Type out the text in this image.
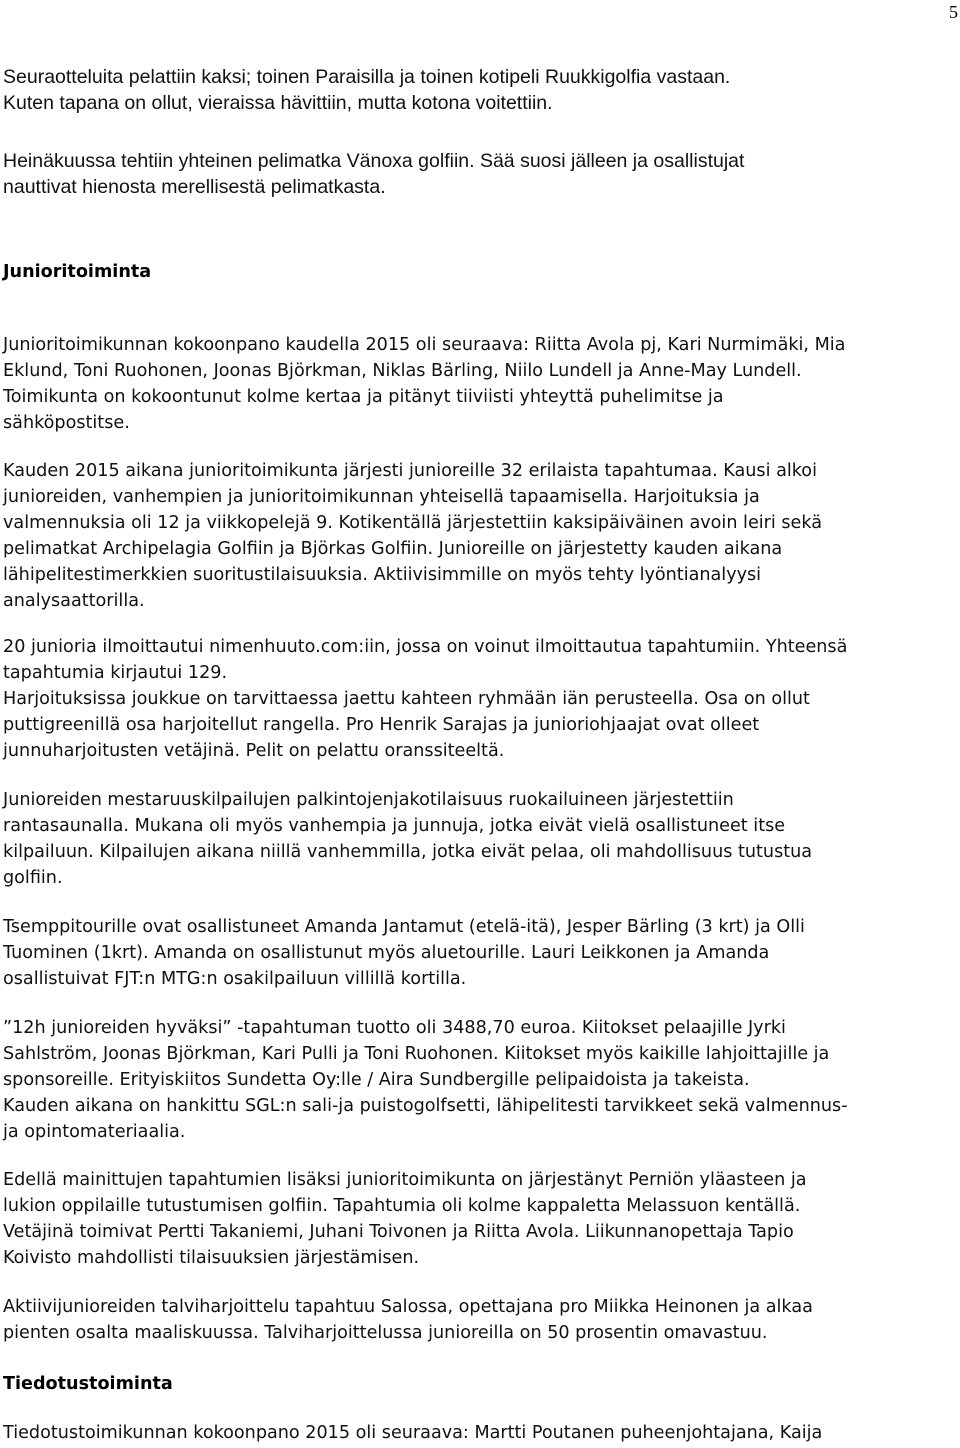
5

Seuraotteluita pelattiin kaksi; toinen Paraisilla ja toinen kotipeli Ruukkigolfia vastaan.
Kuten tapana on ollut, vieraissa hävittiin, mutta kotona voitettiin.

Heinäkuussa tehtiin yhteinen pelimatka Vänoxa golfiin. Sää suosi jälleen ja osallistujat
nauttivat hienosta merellisestä pelimatkasta.

Junioritoiminta

Junioritoimikunnan kokoonpano kaudella 2015 oli seuraava: Riitta Avola pj, Kari Nurmimäki, Mia
Eklund, Toni Ruohonen, Joonas Björkman, Niklas Bärling, Niilo Lundell ja Anne-May Lundell.
Toimikunta on kokoontunut kolme kertaa ja pitänyt tiiviisti yhteyttä puhelimitse ja
sähköpostitse.

Kauden 2015 aikana junioritoimikunta järjesti junioreille 32 erilaista tapahtumaa. Kausi alkoi
junioreiden, vanhempien ja junioritoimikunnan yhteisellä tapaamisella. Harjoituksia ja
valmennuksia oli 12 ja viikkopelejä 9. Kotikentällä järjestettiin kaksipäiväinen avoin leiri sekä
pelimatkat Archipelagia Golfiin ja Björkas Golfiin. Junioreille on järjestetty kauden aikana
lähipelitestimerkkien suoritustilaisuuksia. Aktiivisimmille on myös tehty lyöntianalyysi
analysaattorilla.

20 junioria ilmoittautui nimenhuuto.com:iin, jossa on voinut ilmoittautua tapahtumiin. Yhteensä
tapahtumia kirjautui 129.
Harjoituksissa joukkue on tarvittaessa jaettu kahteen ryhmään iän perusteella. Osa on ollut
puttigreenillä osa harjoitellut rangella. Pro Henrik Sarajas ja junioriohjaajat ovat olleet
junnuharjoitusten vetäjinä. Pelit on pelattu oranssiteeltä.

Junioreiden mestaruuskilpailujen palkintojenjakotilaisuus ruokailuineen järjestettiin
rantasaunalla. Mukana oli myös vanhempia ja junnuja, jotka eivät vielä osallistuneet itse
kilpailuun. Kilpailujen aikana niillä vanhemmilla, jotka eivät pelaa, oli mahdollisuus tutustua
golfiin.

Tsemppitourille ovat osallistuneet Amanda Jantamut (etelä-itä), Jesper Bärling (3 krt) ja Olli
Tuominen (1krt). Amanda on osallistunut myös aluetourille. Lauri Leikkonen ja Amanda
osallistuivat FJT:n MTG:n osakilpailuun villillä kortilla.

”12h junioreiden hyväksi” -tapahtuman tuotto oli 3488,70 euroa. Kiitokset pelaajille Jyrki
Sahlström, Joonas Björkman, Kari Pulli ja Toni Ruohonen. Kiitokset myös kaikille lahjoittajille ja
sponsoreille. Erityiskiitos Sundetta Oy:lle / Aira Sundbergille pelipaidoista ja takeista.
Kauden aikana on hankittu SGL:n sali-ja puistogolfsetti, lähipelitesti tarvikkeet sekä valmennus-
ja opintomateriaalia.

Edellä mainittujen tapahtumien lisäksi junioritoimikunta on järjestänyt Perniön yläasteen ja
lukion oppilaille tutustumisen golfiin. Tapahtumia oli kolme kappaletta Melassuon kentällä.
Vetäjinä toimivat Pertti Takaniemi, Juhani Toivonen ja Riitta Avola. Liikunnanopettaja Tapio
Koivisto mahdollisti tilaisuuksien järjestämisen.

Aktiivijunioreiden talviharjoittelu tapahtuu Salossa, opettajana pro Miikka Heinonen ja alkaa
pienten osalta maaliskuussa. Talviharjoittelussa junioreilla on 50 prosentin omavastuu.

Tiedotustoiminta

Tiedotustoimikunnan kokoonpano 2015 oli seuraava: Martti Poutanen puheenjohtajana, Kaija
